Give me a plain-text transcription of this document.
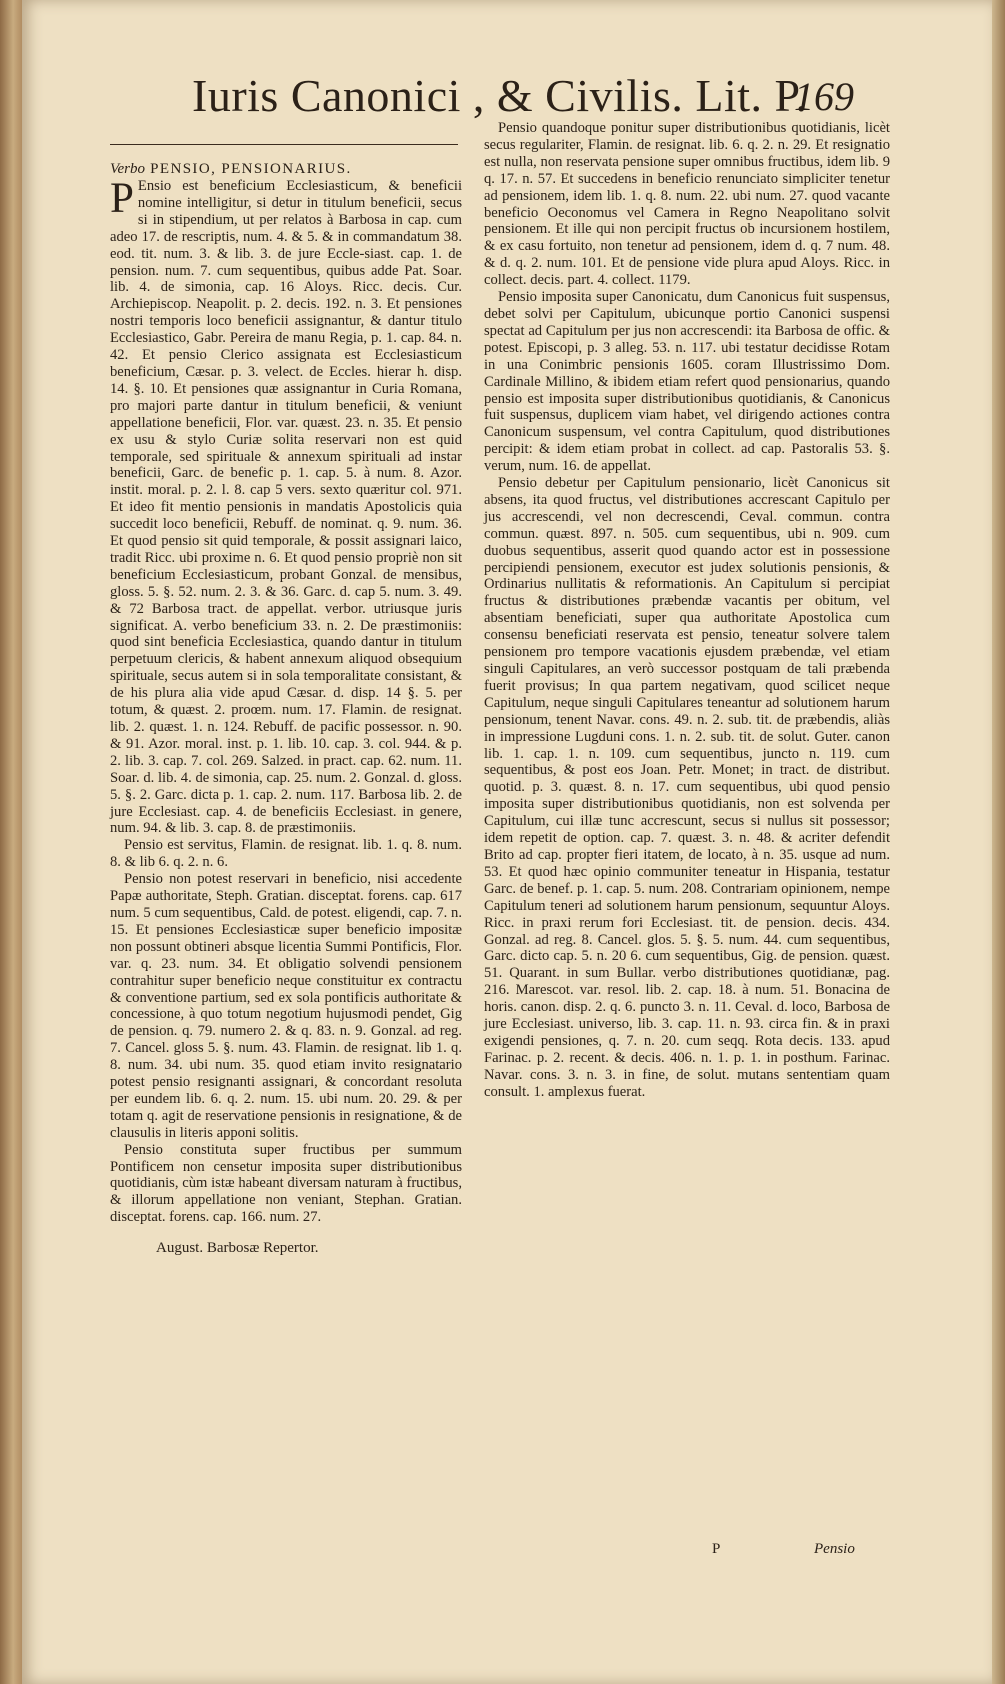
Iuris Canonici , & Civilis. Lit. P.
169

Verbo PENSIO, PENSIONARIUS.

P Ensio est beneficium Ecclesiasticum, & beneficii nomine intelligitur, si detur in titulum beneficii, secus si in stipendium, ut per relatos à Barbosa in cap. cum adeo 17. de rescriptis, num. 4. & 5. & in commandatum 38. eod. tit. num. 3. & lib. 3. de jure Eccle-siast. cap. 1. de pension. num. 7. cum sequentibus, quibus adde Pat. Soar. lib. 4. de simonia, cap. 16 Aloys. Ricc. decis. Cur. Archiepiscop. Neapolit. p. 2. decis. 192. n. 3. Et pensiones nostri temporis loco beneficii assignantur, & dantur titulo Ecclesiastico, Gabr. Pereira de manu Regia, p. 1. cap. 84. n. 42. Et pensio Clerico assignata est Ecclesiasticum beneficium, Cæsar. p. 3. velect. de Eccles. hierar h. disp. 14. §. 10. Et pensiones quæ assignantur in Curia Romana, pro majori parte dantur in titulum beneficii, & veniunt appellatione beneficii, Flor. var. quæst. 23. n. 35. Et pensio ex usu & stylo Curiæ solita reservari non est quid temporale, sed spirituale & annexum spirituali ad instar beneficii, Garc. de benefic p. 1. cap. 5. à num. 8. Azor. instit. moral. p. 2. l. 8. cap 5 vers. sexto quæritur col. 971. Et ideo fit mentio pensionis in mandatis Apostolicis quia succedit loco beneficii, Rebuff. de nominat. q. 9. num. 36. Et quod pensio sit quid temporale, & possit assignari laico, tradit Ricc. ubi proxime n. 6. Et quod pensio propriè non sit beneficium Ecclesiasticum, probant Gonzal. de mensibus, gloss. 5. §. 52. num. 2. 3. & 36. Garc. d. cap 5. num. 3. 49. & 72 Barbosa tract. de appellat. verbor. utriusque juris significat. A. verbo beneficium 33. n. 2. De præstimoniis: quod sint beneficia Ecclesiastica, quando dantur in titulum perpetuum clericis, & habent annexum aliquod obsequium spirituale, secus autem si in sola temporalitate consistant, & de his plura alia vide apud Cæsar. d. disp. 14 §. 5. per totum, & quæst. 2. proœm. num. 17. Flamin. de resignat. lib. 2. quæst. 1. n. 124. Rebuff. de pacific possessor. n. 90. & 91. Azor. moral. inst. p. 1. lib. 10. cap. 3. col. 944. & p. 2. lib. 3. cap. 7. col. 269. Salzed. in pract. cap. 62. num. 11. Soar. d. lib. 4. de simonia, cap. 25. num. 2. Gonzal. d. gloss. 5. §. 2. Garc. dicta p. 1. cap. 2. num. 117. Barbosa lib. 2. de jure Ecclesiast. cap. 4. de beneficiis Ecclesiast. in genere, num. 94. & lib. 3. cap. 8. de præstimoniis.

Pensio est servitus, Flamin. de resignat. lib. 1. q. 8. num. 8. & lib 6. q. 2. n. 6.

Pensio non potest reservari in beneficio, nisi accedente Papæ authoritate, Steph. Gratian. disceptat. forens. cap. 617 num. 5 cum sequentibus, Cald. de potest. eligendi, cap. 7. n. 15. Et pensiones Ecclesiasticæ super beneficio impositæ non possunt obtineri absque licentia Summi Pontificis, Flor. var. q. 23. num. 34. Et obligatio solvendi pensionem contrahitur super beneficio neque constituitur ex contractu & conventione partium, sed ex sola pontificis authoritate & concessione, à quo totum negotium hujusmodi pendet, Gig de pension. q. 79. numero 2. & q. 83. n. 9. Gonzal. ad reg. 7. Cancel. gloss 5. §. num. 43. Flamin. de resignat. lib 1. q. 8. num. 34. ubi num. 35. quod etiam invito resignatario potest pensio resignanti assignari, & concordant resoluta per eundem lib. 6. q. 2. num. 15. ubi num. 20. 29. & per totam q. agit de reservatione pensionis in resignatione, & de clausulis in literis apponi solitis.

Pensio constituta super fructibus per summum Pontificem non censetur imposita super distributionibus quotidianis, cùm istæ habeant diversam naturam à fructibus, & illorum appellatione non veniant, Stephan. Gratian. disceptat. forens. cap. 166. num. 27.

August. Barbosæ Repertor.

Pensio quandoque ponitur super distributionibus quotidianis, licèt secus regulariter, Flamin. de resignat. lib. 6. q. 2. n. 29. Et resignatio est nulla, non reservata pensione super omnibus fructibus, idem lib. 9 q. 17. n. 57. Et succedens in beneficio renunciato simpliciter tenetur ad pensionem, idem lib. 1. q. 8. num. 22. ubi num. 27. quod vacante beneficio Oeconomus vel Camera in Regno Neapolitano solvit pensionem. Et ille qui non percipit fructus ob incursionem hostilem, & ex casu fortuito, non tenetur ad pensionem, idem d. q. 7 num. 48. & d. q. 2. num. 101. Et de pensione vide plura apud Aloys. Ricc. in collect. decis. part. 4. collect. 1179.

Pensio imposita super Canonicatu, dum Canonicus fuit suspensus, debet solvi per Capitulum, ubicunque portio Canonici suspensi spectat ad Capitulum per jus non accrescendi: ita Barbosa de offic. & potest. Episcopi, p. 3 alleg. 53. n. 117. ubi testatur decidisse Rotam in una Conimbric pensionis 1605. coram Illustrissimo Dom. Cardinale Millino, & ibidem etiam refert quod pensionarius, quando pensio est imposita super distributionibus quotidianis, & Canonicus fuit suspensus, duplicem viam habet, vel dirigendo actiones contra Canonicum suspensum, vel contra Capitulum, quod distributiones percipit: & idem etiam probat in collect. ad cap. Pastoralis 53. §. verum, num. 16. de appellat.

Pensio debetur per Capitulum pensionario, licèt Canonicus sit absens, ita quod fructus, vel distributiones accrescant Capitulo per jus accrescendi, vel non decrescendi, Ceval. commun. contra commun. quæst. 897. n. 505. cum sequentibus, ubi n. 909. cum duobus sequentibus, asserit quod quando actor est in possessione percipiendi pensionem, executor est judex solutionis pensionis, & Ordinarius nullitatis & reformationis. An Capitulum si percipiat fructus & distributiones præbendæ vacantis per obitum, vel absentiam beneficiati, super qua authoritate Apostolica cum consensu beneficiati reservata est pensio, teneatur solvere talem pensionem pro tempore vacationis ejusdem præbendæ, vel etiam singuli Capitulares, an verò successor postquam de tali præbenda fuerit provisus; In qua partem negativam, quod scilicet neque Capitulum, neque singuli Capitulares teneantur ad solutionem harum pensionum, tenent Navar. cons. 49. n. 2. sub. tit. de præbendis, aliàs in impressione Lugduni cons. 1. n. 2. sub. tit. de solut. Guter. canon lib. 1. cap. 1. n. 109. cum sequentibus, juncto n. 119. cum sequentibus, & post eos Joan. Petr. Monet; in tract. de distribut. quotid. p. 3. quæst. 8. n. 17. cum sequentibus, ubi quod pensio imposita super distributionibus quotidianis, non est solvenda per Capitulum, cui illæ tunc accrescunt, secus si nullus sit possessor; idem repetit de option. cap. 7. quæst. 3. n. 48. & acriter defendit Brito ad cap. propter fieri itatem, de locato, à n. 35. usque ad num. 53. Et quod hæc opinio communiter teneatur in Hispania, testatur Garc. de benef. p. 1. cap. 5. num. 208. Contrariam opinionem, nempe Capitulum teneri ad solutionem harum pensionum, sequuntur Aloys. Ricc. in praxi rerum fori Ecclesiast. tit. de pension. decis. 434. Gonzal. ad reg. 8. Cancel. glos. 5. §. 5. num. 44. cum sequentibus, Garc. dicto cap. 5. n. 20 6. cum sequentibus, Gig. de pension. quæst. 51. Quarant. in sum Bullar. verbo distributiones quotidianæ, pag. 216. Marescot. var. resol. lib. 2. cap. 18. à num. 51. Bonacina de horis. canon. disp. 2. q. 6. puncto 3. n. 11. Ceval. d. loco, Barbosa de jure Ecclesiast. universo, lib. 3. cap. 11. n. 93. circa fin. & in praxi exigendi pensiones, q. 7. n. 20. cum seqq. Rota decis. 133. apud Farinac. p. 2. recent. & decis. 406. n. 1. p. 1. in posthum. Farinac. Navar. cons. 3. n. 3. in fine, de solut. mutans sententiam quam consult. 1. amplexus fuerat.

P	Pensio
